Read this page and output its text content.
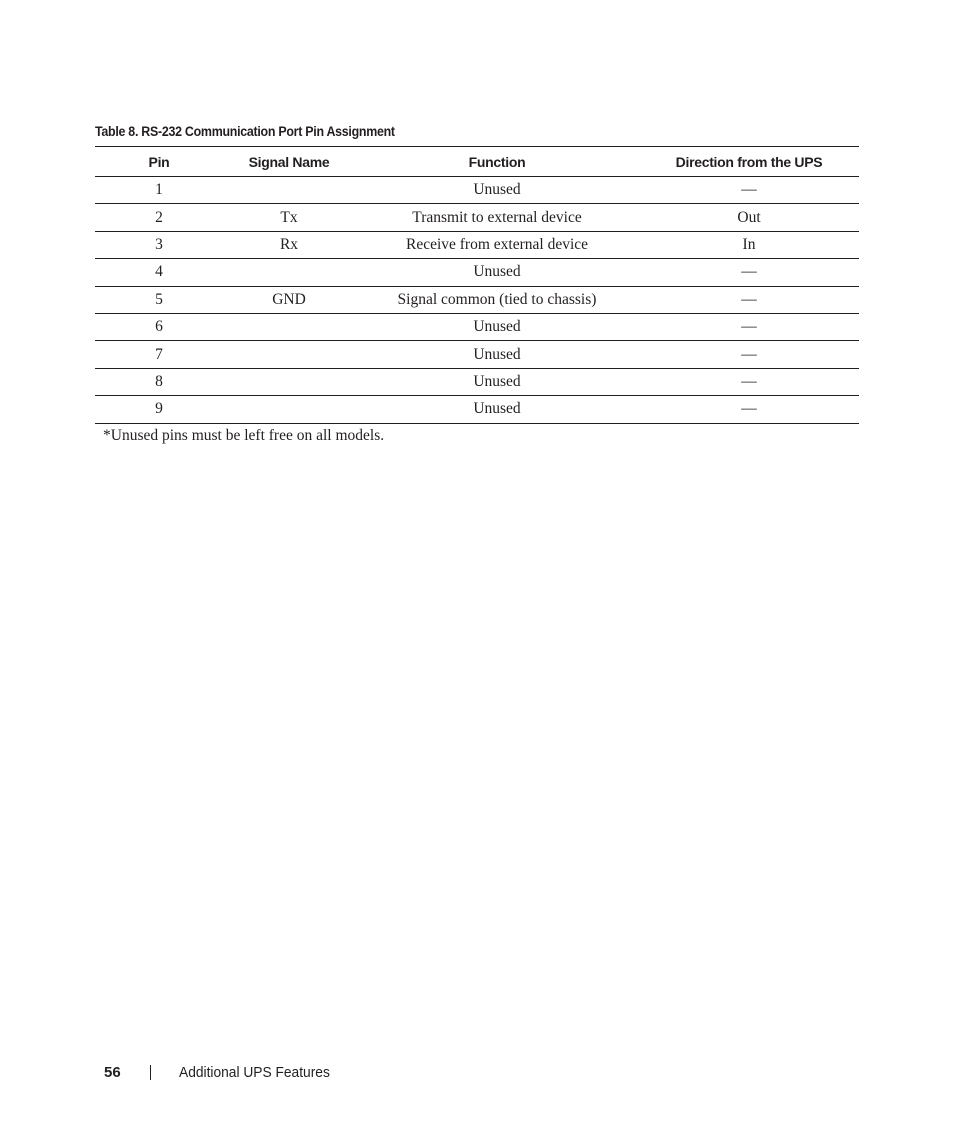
Table 8. RS-232 Communication Port Pin Assignment
Pin	Signal Name	Function	Direction from the UPS
1		Unused	—
2	Tx	Transmit to external device	Out
3	Rx	Receive from external device	In
4		Unused	—
5	GND	Signal common (tied to chassis)	—
6		Unused	—
7		Unused	—
8		Unused	—
9		Unused	—
*Unused pins must be left free on all models.
56	Additional UPS Features
